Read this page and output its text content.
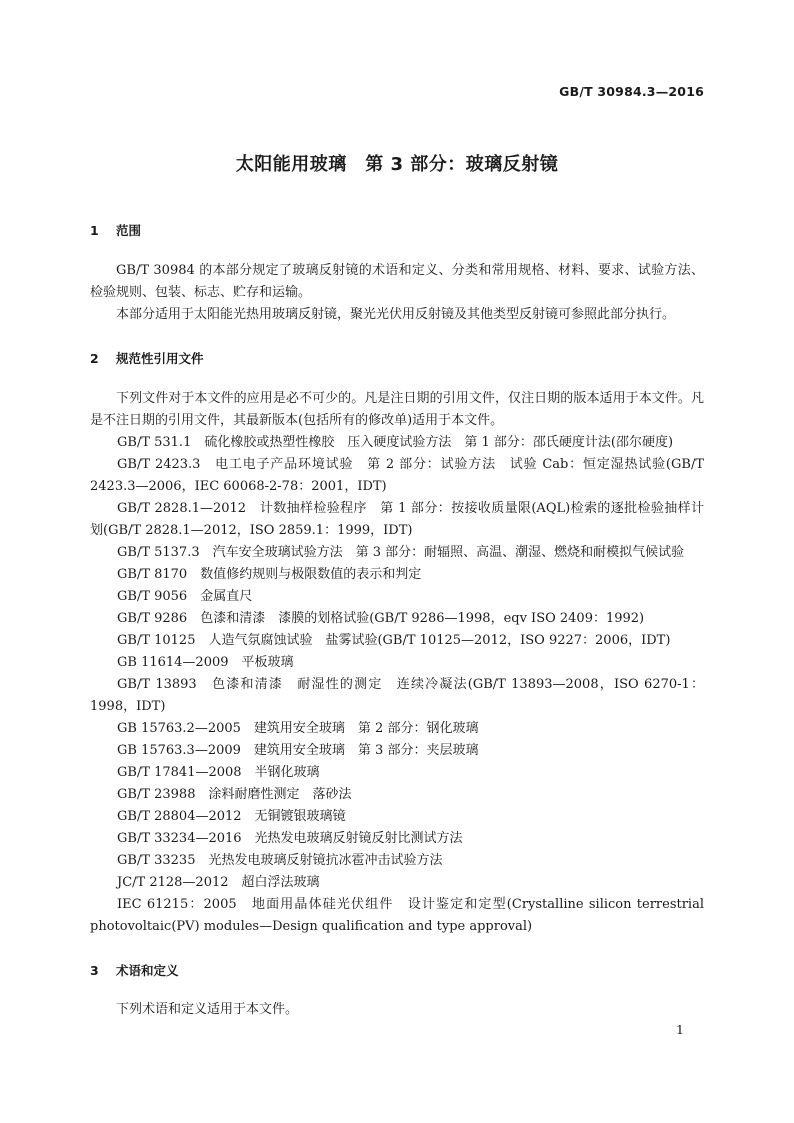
GB/T 30984.3—2016
太阳能用玻璃　第 3 部分：玻璃反射镜
1 范围

GB/T 30984 的本部分规定了玻璃反射镜的术语和定义、分类和常用规格、材料、要求、试验方法、检验规则、包装、标志、贮存和运输。

本部分适用于太阳能光热用玻璃反射镜，聚光光伏用反射镜及其他类型反射镜可参照此部分执行。

2 规范性引用文件

下列文件对于本文件的应用是必不可少的。凡是注日期的引用文件，仅注日期的版本适用于本文件。凡是不注日期的引用文件，其最新版本(包括所有的修改单)适用于本文件。

GB/T 531.1　硫化橡胶或热塑性橡胶　压入硬度试验方法　第 1 部分：邵氏硬度计法(邵尔硬度)

GB/T 2423.3　电工电子产品环境试验　第 2 部分：试验方法　试验 Cab：恒定湿热试验(GB/T 2423.3—2006，IEC 60068-2-78：2001，IDT)

GB/T 2828.1—2012　计数抽样检验程序　第 1 部分：按接收质量限(AQL)检索的逐批检验抽样计划(GB/T 2828.1—2012，ISO 2859.1：1999，IDT)

GB/T 5137.3　汽车安全玻璃试验方法　第 3 部分：耐辐照、高温、潮湿、燃烧和耐模拟气候试验

GB/T 8170　数值修约规则与极限数值的表示和判定

GB/T 9056　金属直尺

GB/T 9286　色漆和清漆　漆膜的划格试验(GB/T 9286—1998，eqv ISO 2409：1992)

GB/T 10125　人造气氛腐蚀试验　盐雾试验(GB/T 10125—2012，ISO 9227：2006，IDT)

GB 11614—2009　平板玻璃

GB/T 13893　色漆和清漆　耐湿性的测定　连续冷凝法(GB/T 13893—2008，ISO 6270-1：1998，IDT)

GB 15763.2—2005　建筑用安全玻璃　第 2 部分：钢化玻璃

GB 15763.3—2009　建筑用安全玻璃　第 3 部分：夹层玻璃

GB/T 17841—2008　半钢化玻璃

GB/T 23988　涂料耐磨性测定　落砂法

GB/T 28804—2012　无铜镀银玻璃镜

GB/T 33234—2016　光热发电玻璃反射镜反射比测试方法

GB/T 33235　光热发电玻璃反射镜抗冰雹冲击试验方法

JC/T 2128—2012　超白浮法玻璃

IEC 61215：2005　地面用晶体硅光伏组件　设计鉴定和定型(Crystalline silicon terrestrial photovoltaic(PV) modules—Design qualification and type approval)

3 术语和定义

下列术语和定义适用于本文件。

1
